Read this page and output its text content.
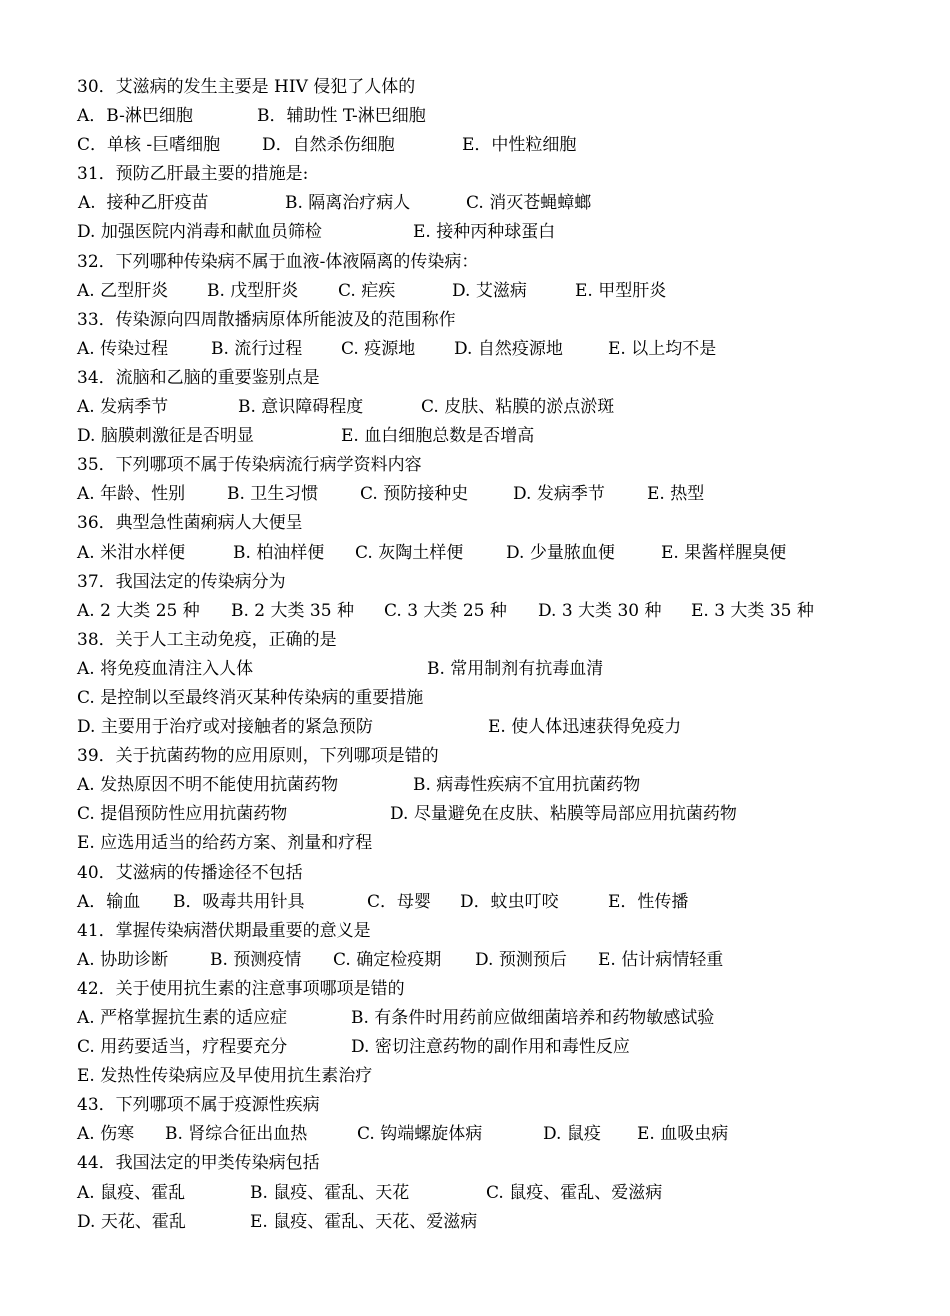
30．艾滋病的发生主要是 HIV 侵犯了人体的
A．B-淋巴细胞	B．辅助性 T-淋巴细胞
C．单核 -巨嗜细胞 D．自然杀伤细胞	E．中性粒细胞
31．预防乙肝最主要的措施是:
A.  接种乙肝疫苗	B. 隔离治疗病人	C. 消灭苍蝇蟑螂
D. 加强医院内消毒和献血员筛检	E. 接种丙种球蛋白
32．下列哪种传染病不属于血液-体液隔离的传染病：
A. 乙型肝炎 B. 戊型肝炎 C. 疟疾	D. 艾滋病	E. 甲型肝炎
33．传染源向四周散播病原体所能波及的范围称作
A. 传染过程	B. 流行过程 C. 疫源地 D. 自然疫源地	E. 以上均不是
34．流脑和乙脑的重要鉴别点是
A. 发病季节	B. 意识障碍程度	C. 皮肤、粘膜的淤点淤斑
D. 脑膜刺激征是否明显	E. 血白细胞总数是否增高
35．下列哪项不属于传染病流行病学资料内容
A. 年龄、性别 B. 卫生习惯 C. 预防接种史	D. 发病季节 E. 热型
36．典型急性菌痢病人大便呈
A. 米泔水样便	B. 柏油样便 C. 灰陶土样便	D. 少量脓血便	E. 果酱样腥臭便
37．我国法定的传染病分为
A. 2 大类 25 种 B. 2 大类 35 种 C. 3 大类 25 种 D. 3 大类 30 种 E. 3 大类 35 种
38．关于人工主动免疫，正确的是
A. 将免疫血清注入人体	B. 常用制剂有抗毒血清
C. 是控制以至最终消灭某种传染病的重要措施
D. 主要用于治疗或对接触者的紧急预防	E. 使人体迅速获得免疫力
39．关于抗菌药物的应用原则，下列哪项是错的
A. 发热原因不明不能使用抗菌药物	B. 病毒性疾病不宜用抗菌药物
C. 提倡预防性应用抗菌药物	D. 尽量避免在皮肤、粘膜等局部应用抗菌药物
E. 应选用适当的给药方案、剂量和疗程
40．艾滋病的传播途径不包括
A．输血 B．吸毒共用针具	C．母婴 D．蚊虫叮咬	E．性传播
41．掌握传染病潜伏期最重要的意义是
A. 协助诊断 B. 预测疫情 C. 确定检疫期 D. 预测预后 E. 估计病情轻重
42．关于使用抗生素的注意事项哪项是错的
A. 严格掌握抗生素的适应症	B. 有条件时用药前应做细菌培养和药物敏感试验
C. 用药要适当，疗程要充分	D. 密切注意药物的副作用和毒性反应
E. 发热性传染病应及早使用抗生素治疗
43．下列哪项不属于疫源性疾病
A. 伤寒 B. 肾综合征出血热	C. 钩端螺旋体病	D. 鼠疫 E. 血吸虫病
44．我国法定的甲类传染病包括
A. 鼠疫、霍乱	B. 鼠疫、霍乱、天花	C. 鼠疫、霍乱、爱滋病
D. 天花、霍乱	E. 鼠疫、霍乱、天花、爱滋病
